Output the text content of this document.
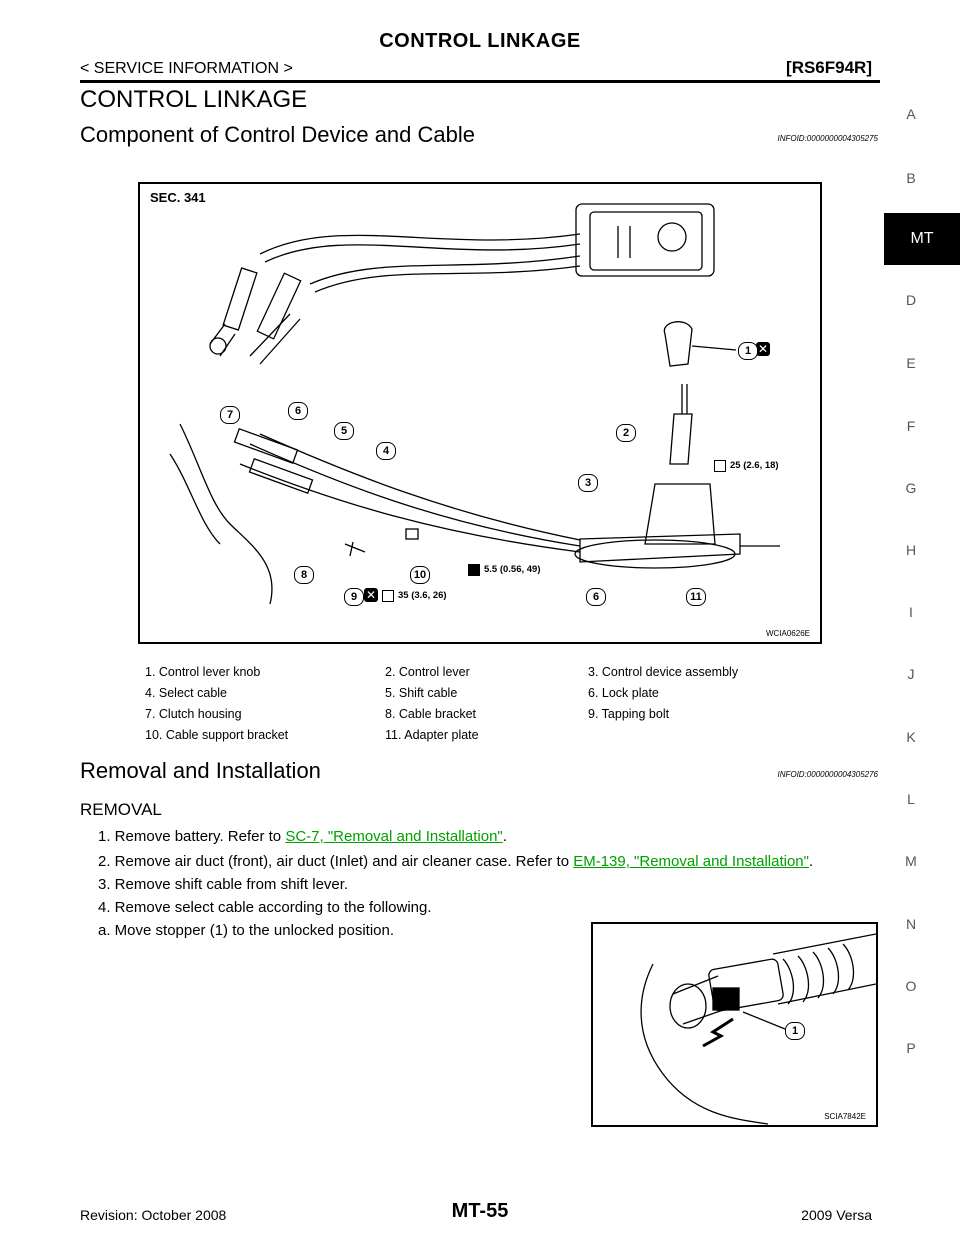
CONTROL LINKAGE
< SERVICE INFORMATION >	[RS6F94R]
A
B
MT
D
E
F
G
H
I
J
K
L
M
N
O
P
CONTROL LINKAGE
Component of Control Device and Cable	INFOID:0000000004305275
SEC. 341
WCIA0626E
25 (2.6, 18)
5.5 (0.56, 49)
35 (3.6, 26)
✕
✕
1
2
3
4
5
6
6
7
8
9
10
11
1. Control lever knob	2. Control lever	3. Control device assembly
4. Select cable	5. Shift cable	6. Lock plate
7. Clutch housing	8. Cable bracket	9. Tapping bolt
10. Cable support bracket	11. Adapter plate
Removal and Installation	INFOID:0000000004305276
REMOVAL
1. Remove battery. Refer to SC-7, "Removal and Installation".
2. Remove air duct (front), air duct (Inlet) and air cleaner case. Refer to EM-139, "Removal and Installation".
3. Remove shift cable from shift lever.
4. Remove select cable according to the following.
a. Move stopper (1) to the unlocked position.
1
SCIA7842E
Revision: October 2008	MT-55	2009 Versa
